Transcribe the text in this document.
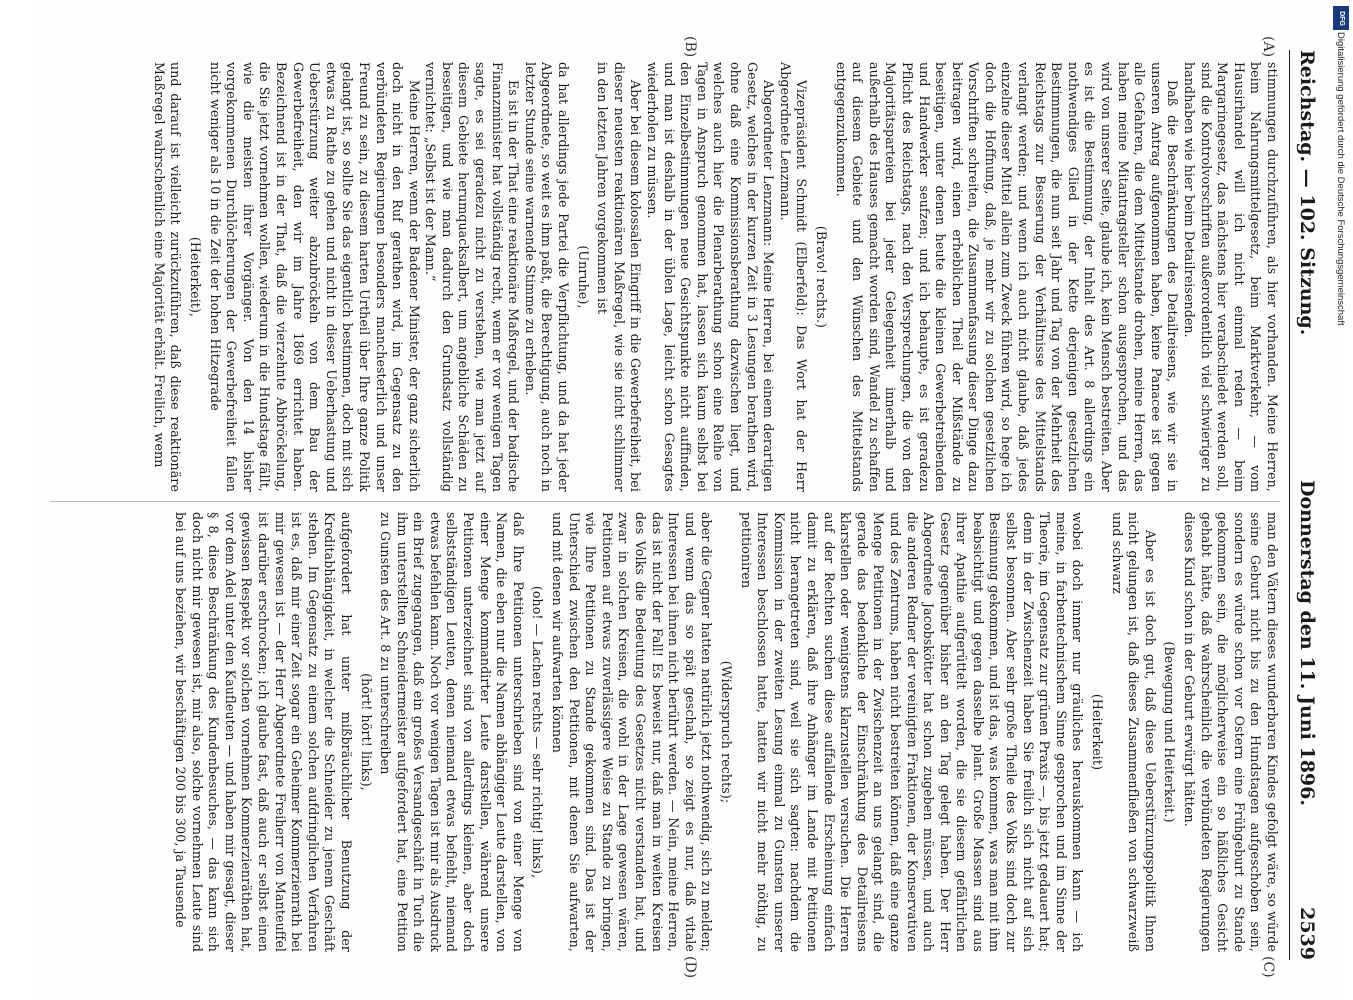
Reichstag. — 102. Sitzung.
Donnerstag den 11. Juni 1896.
2539
(A)
(B)
(C)
(D)

stimmungen durchzuführen, als hier vorhanden. Meine Herren, beim Nahrungsmittelgesetz, beim Marktverkehr, — vom Hausirhandel will ich nicht einmal reden — beim Margarinegesetz, das nächstens hier verabschiedet werden soll, sind die Kontrolvorschriften außerordentlich viel schwieriger zu handhaben wie hier beim Detailreisenden.

Daß die Beschränkungen des Detailreisens, wie wir sie in unseren Antrag aufgenommen haben, keine Panacee ist gegen alle Gefahren, die dem Mittelstande drohen, meine Herren, das haben meine Mitantragsteller schon ausgesprochen, und das wird von unserer Seite, glaube ich, kein Mensch bestreiten. Aber es ist die Bestimmung, der Inhalt des Art. 8 allerdings ein nothwendiges Glied in der Kette derjenigen gesetzlichen Bestimmungen, die nun seit Jahr und Tag von der Mehrheit des Reichstags zur Besserung der Verhältnisse des Mittelstands verlangt werden; und wenn ich auch nicht glaube, daß jedes einzelne dieser Mittel allein zum Zweck führen wird, so hege ich doch die Hoffnung, daß, je mehr wir zu solchen gesetzlichen Vorschriften schreiten, die Zusammenfassung dieser Dinge dazu beitragen wird, einen erheblichen Theil der Mißstände zu beseitigen, unter denen heute die kleinen Gewerbetreibenden und Handwerker seufzen; und ich behaupte, es ist geradezu Pflicht des Reichstags, nach den Versprechungen, die von den Majoritätsparteien bei jeder Gelegenheit innerhalb und außerhalb des Hauses gemacht worden sind, Wandel zu schaffen auf diesem Gebiete und den Wünschen des Mittelstands entgegenzukommen.

(Bravo! rechts.)

Vizepräsident Schmidt (Elberfeld): Das Wort hat der Herr Abgeordnete Lenzmann.

Abgeordneter Lenzmann: Meine Herren, bei einem derartigen Gesetz, welches in der kurzen Zeit in 3 Lesungen berathen wird, ohne daß eine Kommissionsberathung dazwischen liegt, und welches auch hier die Plenarberathung schon eine Reihe von Tagen in Anspruch genommen hat, lassen sich kaum selbst bei den Einzelbestimmungen neue Gesichtspunkte nicht auffinden, und man ist deshalb in der üblen Lage, leicht schon Gesagtes wiederholen zu müssen.

Aber bei diesem kolossalen Eingriff in die Gewerbefreiheit, bei dieser neuesten reaktionären Maßregel, wie sie nicht schlimmer in den letzten Jahren vorgekommen ist

(Unruhe),

da hat allerdings jede Partei die Verpflichtung, und da hat jeder Abgeordnete, so weit es ihm paßt, die Berechtigung, auch noch in letzter Stunde seine warnende Stimme zu erheben.

Es ist in der That eine reaktionäre Maßregel, und der badische Finanzminister hat vollständig recht, wenn er vor wenigen Tagen sagte, es sei geradezu nicht zu verstehen, wie man jetzt auf diesem Gebiete herumquacksalbert, um angebliche Schäden zu beseitigen, und wie man dadurch den Grundsatz vollständig vernichtet: „Selbst ist der Mann.“

Meine Herren, wenn der Badener Minister, der ganz sicherlich doch nicht in den Ruf gerathen wird, im Gegensatz zu den verbündeten Regierungen besonders manchesterlich und unser Freund zu sein, zu diesem harten Urtheil über Ihre ganze Politik gelangt ist, so sollte Sie das eigentlich bestimmen, doch mit sich etwas zu Rathe zu gehen und nicht in dieser Ueberhastung und Ueberstürzung weiter abzubröckeln von dem Bau der Gewerbefreiheit, den wir im Jahre 1869 errichtet haben. Bezeichnend ist in der That, daß die vierzehnte Abbröckelung, die Sie jetzt vornehmen wollen, wiederum in die Hundstage fällt, wie die meisten ihrer Vorgänger. Von den 14 bisher vorgekommenen Durchlöcherungen der Gewerbefreiheit fallen nicht weniger als 10 in die Zeit der hohen Hitzegrade

(Heiterkeit),

und darauf ist vielleicht zurückzuführen, daß diese reaktionäre Maßregel wahrscheinlich eine Majorität erhält. Freilich, wenn

man den Vätern dieses wunderbaren Kindes gefolgt wäre, so würde seine Geburt nicht bis zu den Hundstagen aufgeschoben sein, sondern es würde schon vor Ostern eine Frühgeburt zu Stande gekommen sein, die möglicherweise ein so häßliches Gesicht gehabt hätte, daß wahrscheinlich die verbündeten Regierungen dieses Kind schon in der Geburt erwürgt hätten.

(Bewegung und Heiterkeit.)

Aber es ist doch gut, daß diese Ueberstürzungspolitik Ihnen nicht gelungen ist, daß dieses Zusammenfließen von schwarzweiß und schwarz

(Heiterkeit)

wobei doch immer nur gräuliches herauskommen kann — ich meine, in farbentechnischem Sinne gesprochen und im Sinne der Theorie, im Gegensatz zur grünen Praxis —, bis jetzt gedauert hat; denn in der Zwischenzeit haben Sie freilich sich nicht auf sich selbst besonnen. Aber sehr große Theile des Volks sind doch zur Besinnung gekommen, und ist das, was kommen, was man mit ihm beabsichtigt und gegen dasselbe plant. Große Massen sind aus ihrer Apathie aufgerüttelt worden, die sie diesem gefährlichen Gesetz gegenüber bisher an den Tag gelegt haben. Der Herr Abgeordnete Jacobskötter hat schon zugeben müssen, und auch die anderen Redner der vereinigten Fraktionen, der Konservativen und des Zentrums, haben nicht bestreiten können, daß eine ganze Menge Petitionen in der Zwischenzeit an uns gelangt sind, die gerade das bedenkliche der Einschränkung des Detailreisens klarstellen oder wenigstens klarzustellen versuchen. Die Herren auf der Rechten suchen diese auffallende Erscheinung einfach damit zu erklären, daß ihre Anhänger im Lande mit Petitionen nicht herangetreten sind, weil sie sich sagten: nachdem die Kommission in der zweiten Lesung einmal zu Gunsten unserer Interessen beschlossen hatte, hatten wir nicht mehr nöthig, zu petitioniren

(Widerspruch rechts);

aber die Gegner hatten natürlich jetzt nothwendig, sich zu melden; und wenn das so spät geschah, so zeigt es nur, daß vitale Interessen bei ihnen nicht berührt werden. — Nein, meine Herren, das ist nicht der Fall! Es beweist nur, daß man in weiten Kreisen des Volks die Bedeutung des Gesetzes nicht verstanden hat, und zwar in solchen Kreisen, die wohl in der Lage gewesen wären, Petitionen auf etwas zuverlässigere Weise zu Stande zu bringen, wie Ihre Petitionen zu Stande gekommen sind. Das ist der Unterschied zwischen den Petitionen, mit denen Sie aufwarten, und mit denen wir aufwarten können

(oho! — Lachen rechts — sehr richtig! links),

daß Ihre Petitionen unterschrieben sind von einer Menge von Namen, die eben nur die Namen abhängiger Leute darstellen, von einer Menge kommandirter Leute darstellen, während unsere Petitionen unterzeichnet sind von allerdings kleinen, aber doch selbstständigen Leuten, denen niemand etwas befiehlt, niemand etwas befehlen kann. Noch vor wenigen Tagen ist mir als Ausdruck ein Brief zugegangen, daß ein großes Versandgeschäft in Tuch die ihm unterstellten Schneidermeister aufgefordert hat, eine Petition zu Gunsten des Art. 8 zu unterschreiben

(hört! hört! links),

aufgefordert hat unter mißbräuchlicher Benutzung der Kreditabhängigkeit, in welcher die Schneider zu jenem Geschäft stehen. Im Gegensatz zu einem solchen aufdringlichen Verfahren ist es, daß mir einer Zeit sogar ein Geheimer Kommerzienrath bei mir gewesen ist — der Herr Abgeordnete Freiherr von Manteuffel ist darüber erschrocken; ich glaube fast, daß auch er selbst einen gewissen Respekt vor solchen vornehmen Kommerzienräthen hat, vor dem Adel unter den Kaufleuten — und haben mir gesagt, dieser § 8, diese Beschränkung des Kundenbesuches, — das kann sich doch nicht mir gewesen ist, mir also, solche vornehmen Leute sind bei auf uns beziehen, wir beschäftigen 200 bis 300, ja Tausende

DFG
Digitalisierung gefördert durch die Deutsche Forschungsgemeinschaft
